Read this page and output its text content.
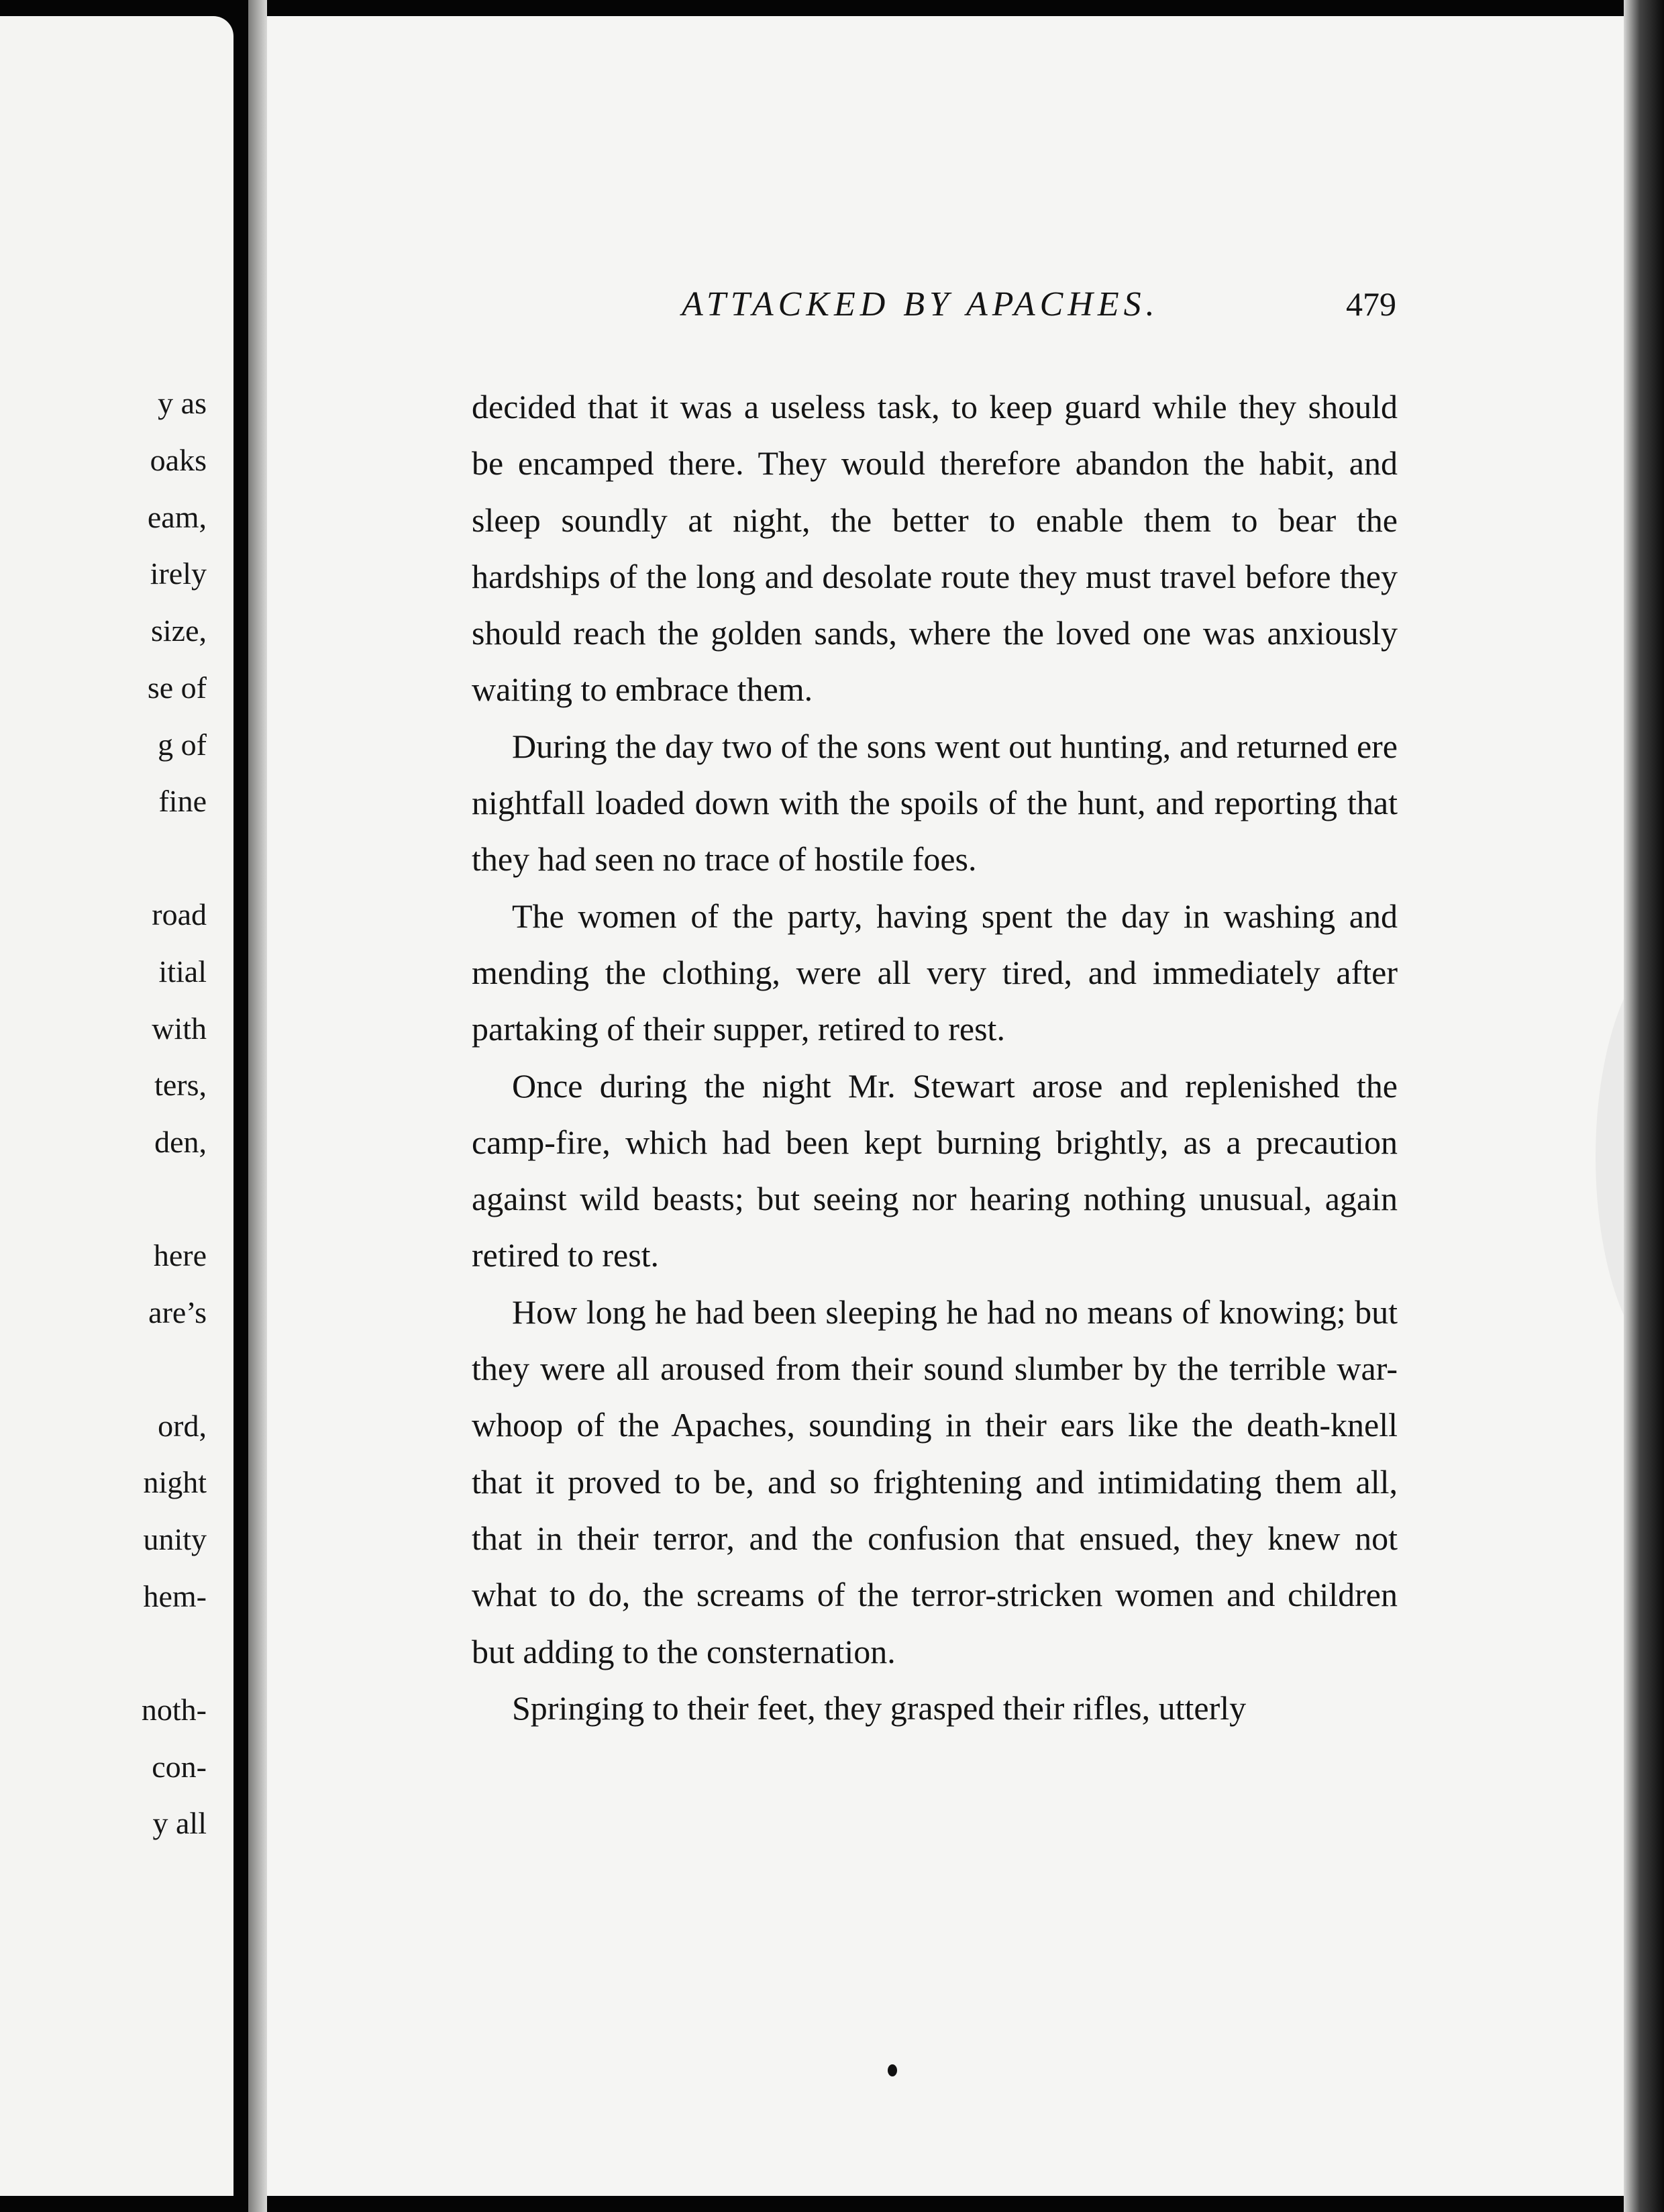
y as
oaks
eam,
irely
size,
se of
g of
fine
road
itial
with
ters,
den,
here
are’s
ord,
night
unity
hem-
noth-
con-
y all
ATTACKED BY APACHES.	479

decided that it was a useless task, to keep guard while they should be encamped there. They would therefore abandon the habit, and sleep soundly at night, the better to enable them to bear the hardships of the long and desolate route they must travel before they should reach the golden sands, where the loved one was anxiously waiting to embrace them.

During the day two of the sons went out hunting, and returned ere nightfall loaded down with the spoils of the hunt, and reporting that they had seen no trace of hostile foes.

The women of the party, having spent the day in washing and mending the clothing, were all very tired, and immediately after partaking of their supper, retired to rest.

Once during the night Mr. Stewart arose and replenished the camp-fire, which had been kept burning brightly, as a precaution against wild beasts; but seeing nor hearing nothing unusual, again retired to rest.

How long he had been sleeping he had no means of knowing; but they were all aroused from their sound slumber by the terrible war-whoop of the Apaches, sounding in their ears like the death-knell that it proved to be, and so frightening and intimidating them all, that in their terror, and the confusion that ensued, they knew not what to do, the screams of the terror-stricken women and children but adding to the consternation.

Springing to their feet, they grasped their rifles, utterly
